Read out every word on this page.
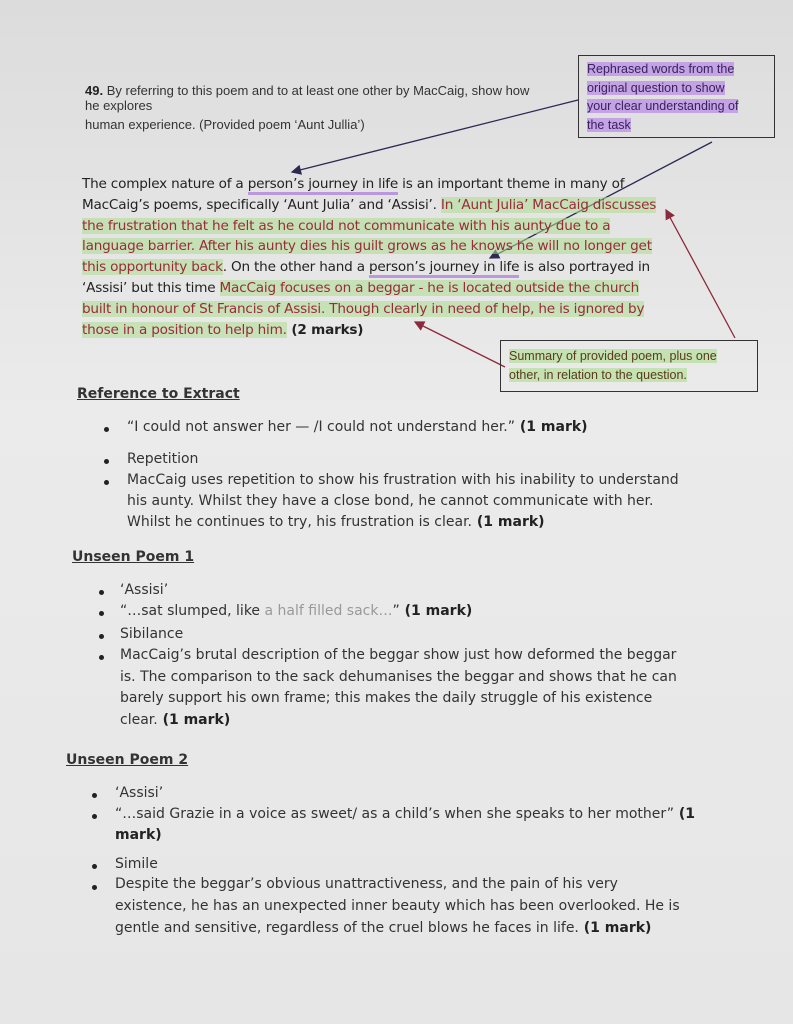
49. By referring to this poem and to at least one other by MacCaig, show how
he explores
human experience. (Provided poem ‘Aunt Jullia’)
Rephrased words from the
original question to show
your clear understanding of
the task
Summary of provided poem, plus one
other, in relation to the question.
The complex nature of a person’s journey in life is an important theme in many of
MacCaig’s poems, specifically ‘Aunt Julia’ and ‘Assisi’. In ‘Aunt Julia’ MacCaig discusses
the frustration that he felt as he could not communicate with his aunty due to a
language barrier. After his aunty dies his guilt grows as he knows he will no longer get
this opportunity back. On the other hand a person’s journey in life is also portrayed in
‘Assisi’ but this time MacCaig focuses on a beggar - he is located outside the church
built in honour of St Francis of Assisi. Though clearly in need of help, he is ignored by
those in a position to help him. (2 marks)
Reference to Extract
“I could not answer her — /I could not understand her.” (1 mark)
Repetition
MacCaig uses repetition to show his frustration with his inability to understand
his aunty. Whilst they have a close bond, he cannot communicate with her.
Whilst he continues to try, his frustration is clear. (1 mark)
Unseen Poem 1
‘Assisi’
“…sat slumped, like a half filled sack…” (1 mark)
Sibilance
MacCaig’s brutal description of the beggar show just how deformed the beggar
is. The comparison to the sack dehumanises the beggar and shows that he can
barely support his own frame; this makes the daily struggle of his existence
clear. (1 mark)
Unseen Poem 2
‘Assisi’
“…said Grazie in a voice as sweet/ as a child’s when she speaks to her mother” (1
mark)
Simile
Despite the beggar’s obvious unattractiveness, and the pain of his very
existence, he has an unexpected inner beauty which has been overlooked. He is
gentle and sensitive, regardless of the cruel blows he faces in life. (1 mark)
